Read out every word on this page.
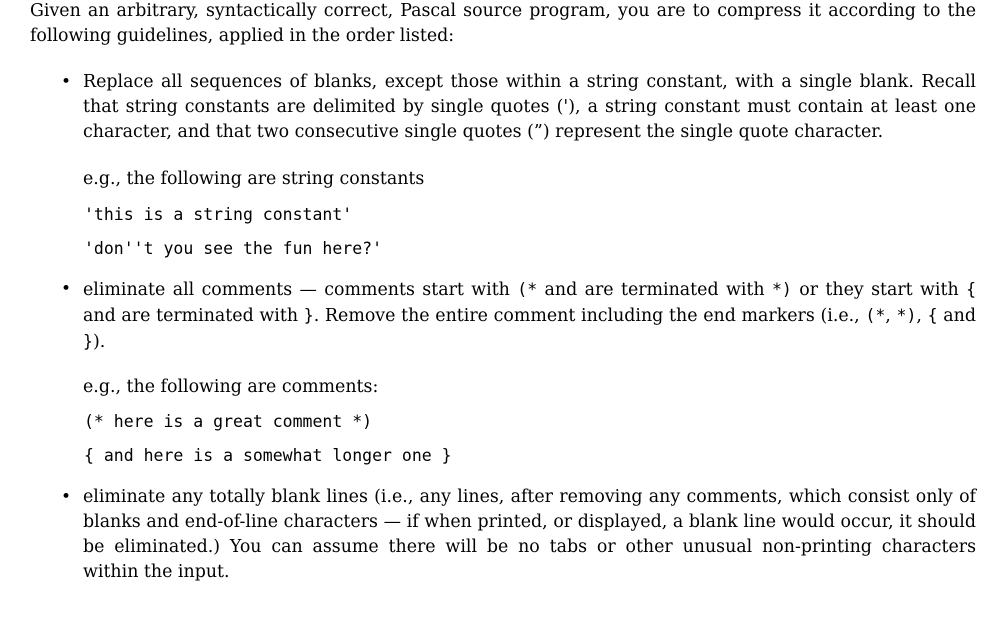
Given an arbitrary, syntactically correct, Pascal source program, you are to compress it according to the following guidelines, applied in the order listed:

• Replace all sequences of blanks, except those within a string constant, with a single blank. Recall that string constants are delimited by single quotes ('), a string constant must contain at least one character, and that two consecutive single quotes (”) represent the single quote character.

e.g., the following are string constants

'this is a string constant'

'don''t you see the fun here?'

• eliminate all comments — comments start with (* and are terminated with *) or they start with { and are terminated with }. Remove the entire comment including the end markers (i.e., (*, *), { and }).

e.g., the following are comments:

(* here is a great comment *)

{ and here is a somewhat longer one }

• eliminate any totally blank lines (i.e., any lines, after removing any comments, which consist only of blanks and end-of-line characters — if when printed, or displayed, a blank line would occur, it should be eliminated.) You can assume there will be no tabs or other unusual non-printing characters within the input.
